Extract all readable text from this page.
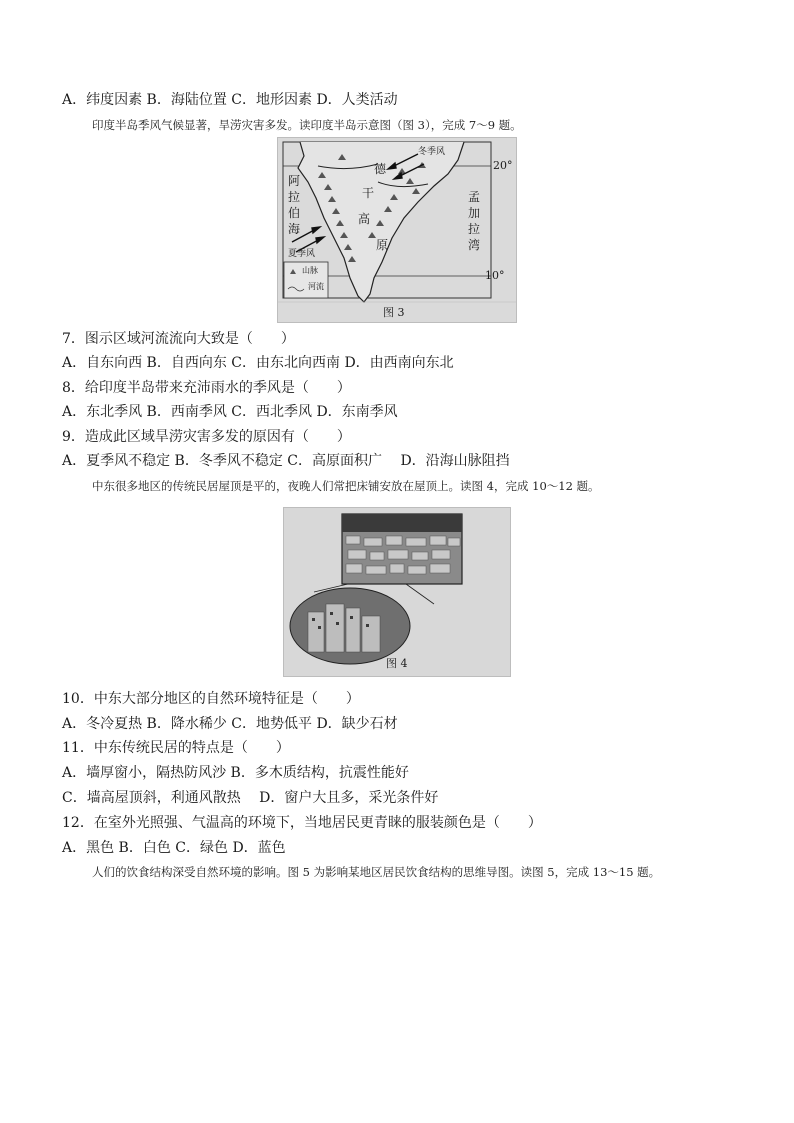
A．纬度因素 B．海陆位置 C．地形因素 D．人类活动
印度半岛季风气候显著，旱涝灾害多发。读印度半岛示意图（图 3），完成 7～9 题。
20°
10°
冬季风
夏季风
德
干
高
原
阿
拉
伯
海
孟
加
拉
湾
山脉
河流
图 3
7．图示区域河流流向大致是（　　）
A．自东向西 B．自西向东 C．由东北向西南 D．由西南向东北
8．给印度半岛带来充沛雨水的季风是（　　）
A．东北季风 B．西南季风 C．西北季风 D．东南季风
9．造成此区域旱涝灾害多发的原因有（　　）
A．夏季风不稳定 B．冬季风不稳定 C．高原面积广　 D．沿海山脉阻挡
中东很多地区的传统民居屋顶是平的，夜晚人们常把床铺安放在屋顶上。读图 4，完成 10～12 题。
图 4
10．中东大部分地区的自然环境特征是（　　）
A．冬冷夏热 B．降水稀少 C．地势低平 D．缺少石材
11．中东传统民居的特点是（　　）
A．墙厚窗小，隔热防风沙 B．多木质结构，抗震性能好
C．墙高屋顶斜，利通风散热　 D．窗户大且多，采光条件好
12．在室外光照强、气温高的环境下，当地居民更青睐的服装颜色是（　　）
A．黑色 B．白色 C．绿色 D．蓝色
人们的饮食结构深受自然环境的影响。图 5 为影响某地区居民饮食结构的思维导图。读图 5，完成 13～15 题。
